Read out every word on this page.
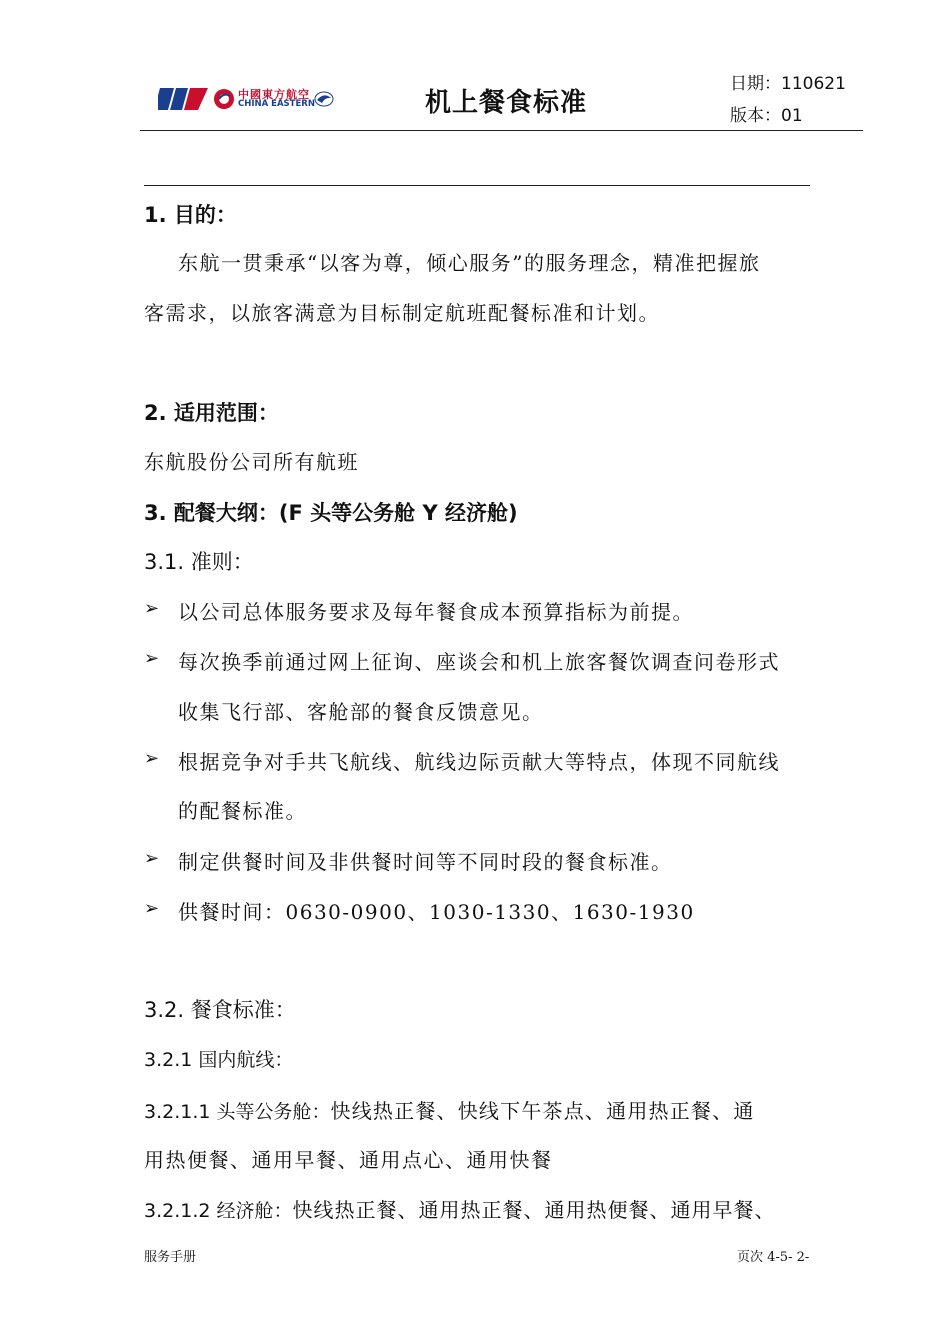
中國東方航空
CHINA EASTERN	机上餐食标准
日期：110621
版本：01
1. 目的：
东航一贯秉承“以客为尊，倾心服务”的服务理念，精准把握旅
客需求，以旅客满意为目标制定航班配餐标准和计划。
2. 适用范围：
东航股份公司所有航班
3. 配餐大纲：(F 头等公务舱 Y 经济舱)
3.1. 准则：
➢ 以公司总体服务要求及每年餐食成本预算指标为前提。
➢ 每次换季前通过网上征询、座谈会和机上旅客餐饮调查问卷形式
收集飞行部、客舱部的餐食反馈意见。
➢ 根据竞争对手共飞航线、航线边际贡献大等特点，体现不同航线
的配餐标准。
➢ 制定供餐时间及非供餐时间等不同时段的餐食标准。
➢ 供餐时间：0630-0900、1030-1330、1630-1930
3.2. 餐食标准：
3.2.1 国内航线：
3.2.1.1 头等公务舱：快线热正餐、快线下午茶点、通用热正餐、通
用热便餐、通用早餐、通用点心、通用快餐
3.2.1.2 经济舱：快线热正餐、通用热正餐、通用热便餐、通用早餐、
服务手册	页次 4-5- 2-
